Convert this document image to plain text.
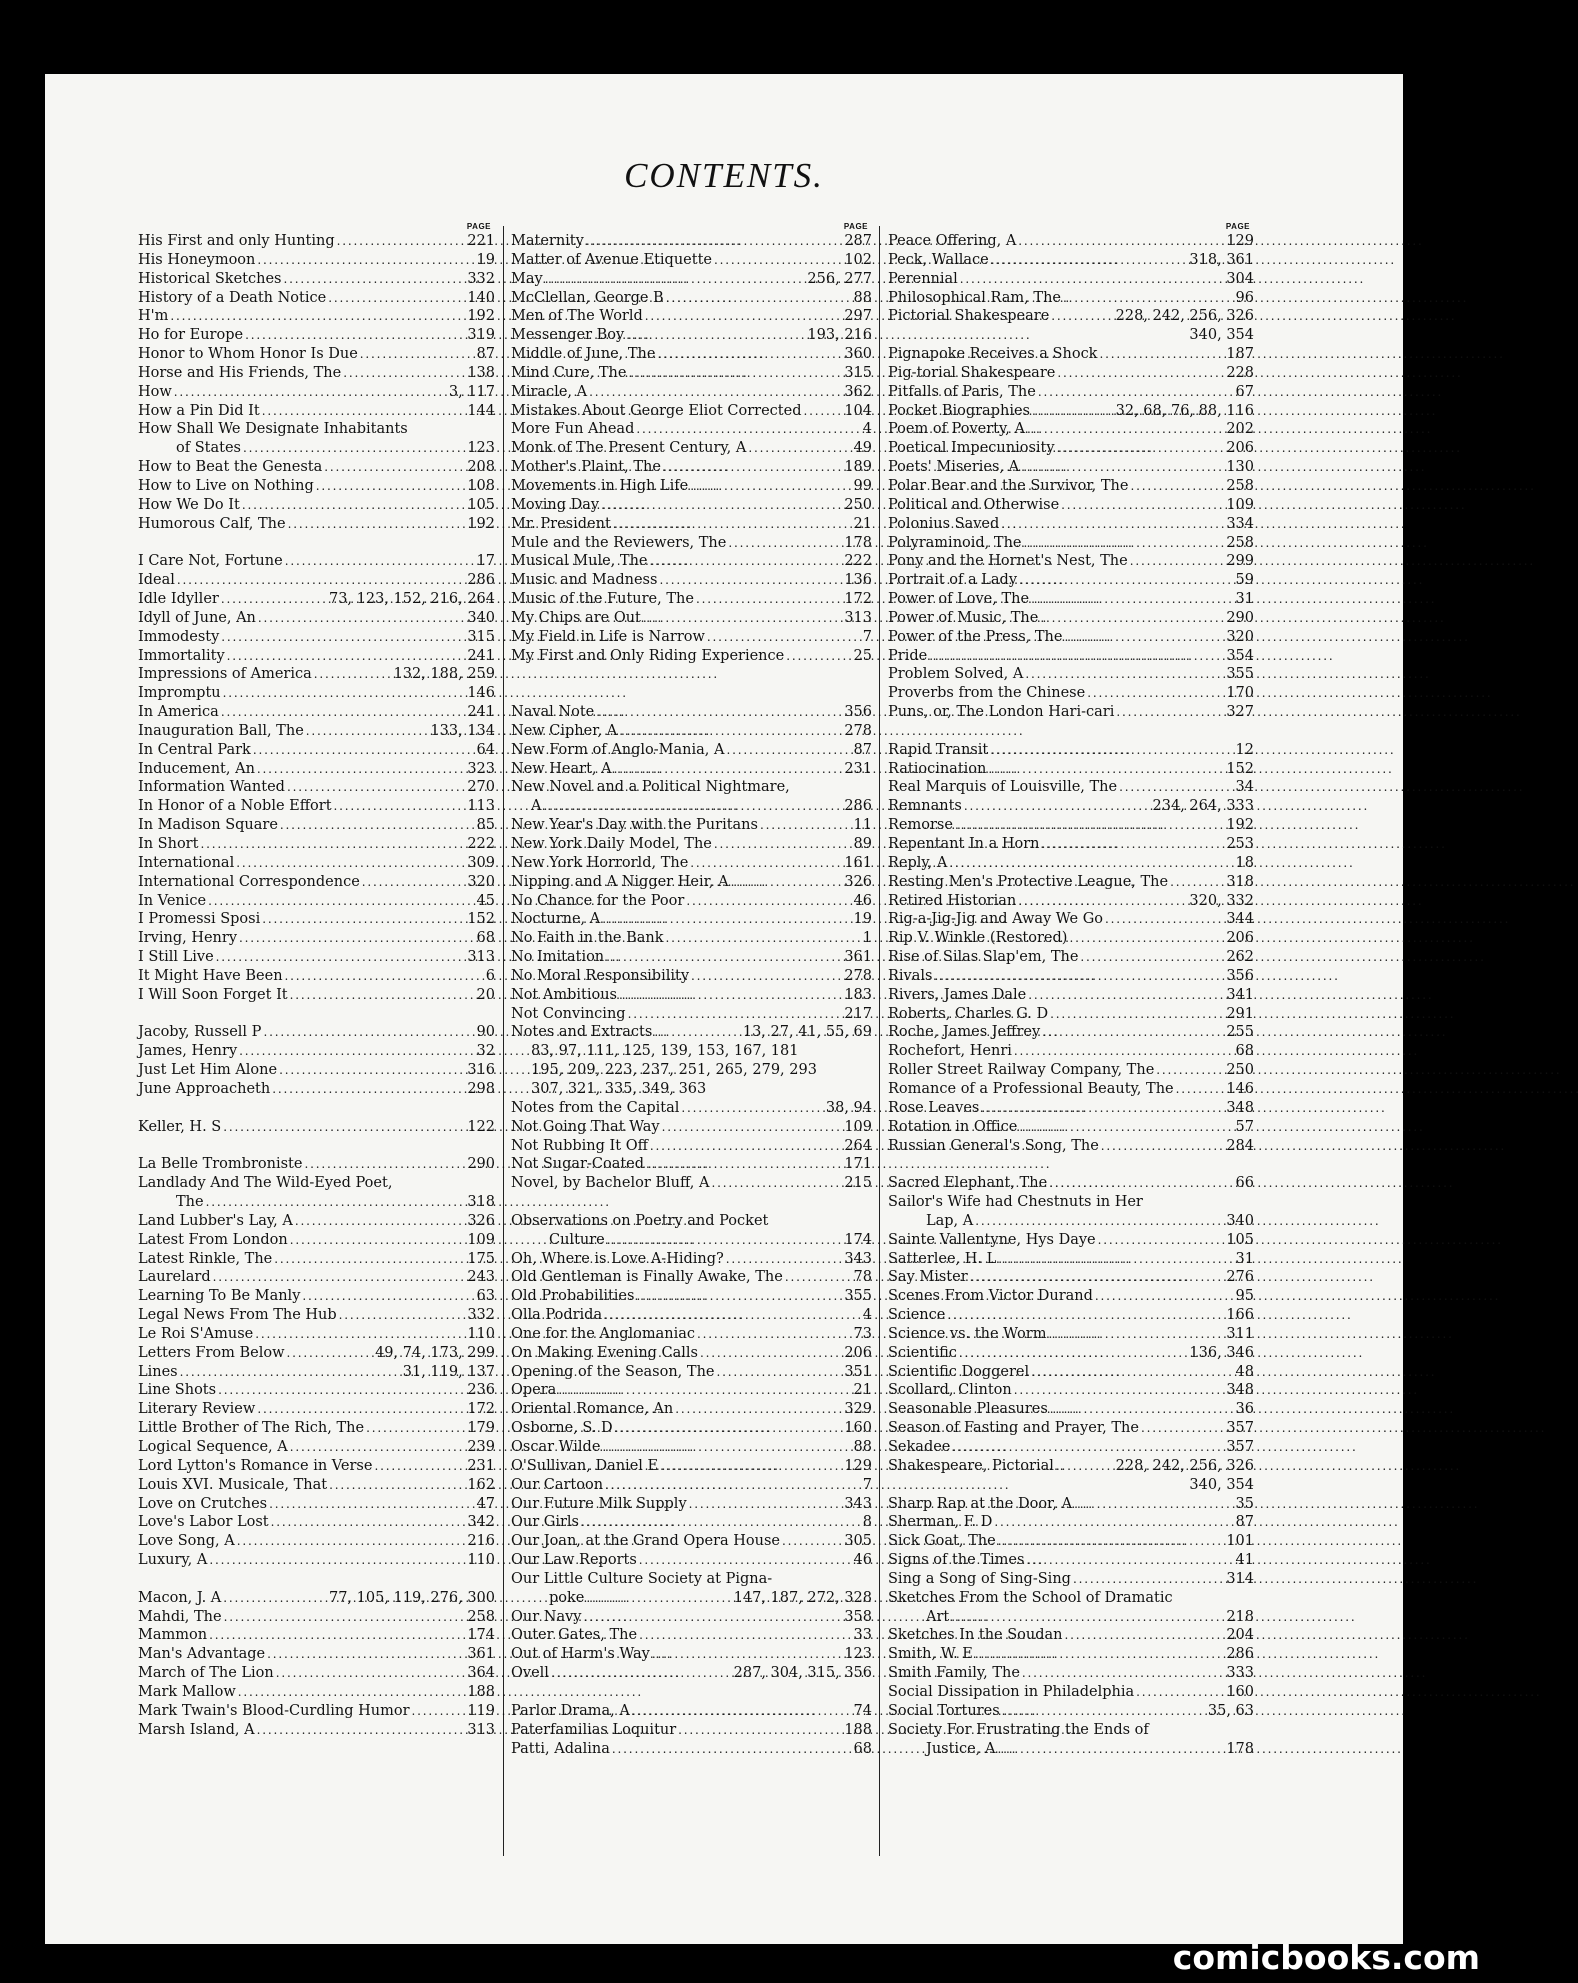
CONTENTS.
PAGE
His First and only Hunting . . .	221
His Honeymoon . . .	19
Historical Sketches . . .	332
History of a Death Notice . . .	140
H'm . . .	192
Ho for Europe . . .	319
Honor to Whom Honor Is Due . . .	87
Horse and His Friends, The . . .	138
How . . .	3, 117
How a Pin Did It . . .	144
How Shall We Designate Inhabitants
of States . . .	123
How to Beat the Genesta . . .	208
How to Live on Nothing . . .	108
How We Do It . . .	105
Humorous Calf, The . . .	192
I Care Not, Fortune . . .	17
Ideal . . .	286
Idle Idyller . . .	73, 123, 152, 216, 264
Idyll of June, An . . .	340
Immodesty . . .	315
Immortality . . .	241
Impressions of America . . .	132, 188, 259
Impromptu . . .	146
In America . . .	241
Inauguration Ball, The . . .	133, 134
In Central Park . . .	64
Inducement, An . . .	323
Information Wanted . . .	270
In Honor of a Noble Effort . . .	113
In Madison Square . . .	85
In Short . . .	222
International . . .	309
International Correspondence . . .	320
In Venice . . .	45
I Promessi Sposi . . .	152
Irving, Henry . . .	68
I Still Live . . .	313
It Might Have Been . . .	6
I Will Soon Forget It . . .	20
Jacoby, Russell P . . .	90
James, Henry . . .	32
Just Let Him Alone . . .	316
June Approacheth . . .	298
Keller, H. S . . .	122
La Belle Trombroniste . . .	290
Landlady And The Wild-Eyed Poet,
The . . .	318
Land Lubber's Lay, A . . .	326
Latest From London . . .	109
Latest Rinkle, The . . .	175
Laurelard . . .	243
Learning To Be Manly . . .	63
Legal News From The Hub . . .	332
Le Roi S'Amuse . . .	110
Letters From Below . . .	49, 74, 173, 299
Lines . . .	31, 119, 137
Line Shots . . .	236
Literary Review . . .	172
Little Brother of The Rich, The . . .	179
Logical Sequence, A . . .	239
Lord Lytton's Romance in Verse . . .	231
Louis XVI. Musicale, That . . .	162
Love on Crutches . . .	47
Love's Labor Lost . . .	342
Love Song, A . . .	216
Luxury, A . . .	110
Macon, J. A . . .	77, 105, 119, 276, 300
Mahdi, The . . .	258
Mammon . . .	174
Man's Advantage . . .	361
March of The Lion . . .	364
Mark Mallow . . .	188
Mark Twain's Blood-Curdling Humor . . .	119
Marsh Island, A . . .	313
PAGE
Maternity . . .	287
Matter of Avenue Etiquette . . .	102
May . . .	256, 277
McClellan, George B . . .	88
Men of The World . . .	297
Messenger Boy . . .	193, 216
Middle of June, The . . .	360
Mind Cure, The . . .	315
Miracle, A . . .	362
Mistakes About George Eliot Corrected . . .	104
More Fun Ahead . . .	4
Monk of The Present Century, A . . .	49
Mother's Plaint, The . . .	189
Movements in High Life . . .	99
Moving Day . . .	250
Mr. President . . .	21
Mule and the Reviewers, The . . .	178
Musical Mule, The . . .	222
Music and Madness . . .	136
Music of the Future, The . . .	172
My Chips are Out . . .	313
My Field in Life is Narrow . . .	7
My First and Only Riding Experience . . .	25
Naval Note . . .	356
New Cipher, A . . .	278
New Form of Anglo-Mania, A . . .	87
New Heart, A . . .	231
New Novel and a Political Nightmare,
A . . .	286
New Year's Day with the Puritans . . .	11
New York Daily Model, The . . .	89
New York Horrorld, The . . .	161
Nipping and A Nigger Heir, A . . .	326
No Chance for the Poor . . .	46
Nocturne, A . . .	19
No Faith in the Bank . . .	1
No Imitation . . .	361
No Moral Responsibility . . .	278
Not Ambitious . . .	183
Not Convincing . . .	217
Notes and Extracts . . .	13, 27, 41, 55, 69
83, 97, 111, 125, 139, 153, 167, 181
195, 209, 223, 237, 251, 265, 279, 293
307, 321, 335, 349, 363
Notes from the Capital . . .	38, 94
Not Going That Way . . .	109
Not Rubbing It Off . . .	264
Not Sugar-Coated . . .	171
Novel, by Bachelor Bluff, A . . .	215
Observations on Poetry and Pocket
Culture . . .	174
Oh, Where is Love A-Hiding? . . .	343
Old Gentleman is Finally Awake, The . . .	78
Old Probabilities . . .	355
Olla Podrida . . .	4
One for the Anglomaniac . . .	73
On Making Evening Calls . . .	206
Opening of the Season, The . . .	351
Opera . . .	21
Oriental Romance, An . . .	329
Osborne, S. D . . .	160
Oscar Wilde . . .	88
O'Sullivan, Daniel E . . .	129
Our Cartoon . . .	7
Our Future Milk Supply . . .	343
Our Girls . . .	8
Our Joan, at the Grand Opera House . . .	305
Our Law Reports . . .	46
Our Little Culture Society at Pigna-
poke . . .	147, 187, 272, 328
Our Navy . . .	358
Outer Gates, The . . .	33
Out of Harm's Way . . .	123
Ovell . . .	287, 304, 315, 356
Parlor Drama, A . . .	74
Paterfamilias Loquitur . . .	188
Patti, Adalina . . .	68
PAGE
Peace Offering, A . . .	129
Peck, Wallace . . .	318, 361
Perennial . . .	304
Philosophical Ram, The . . .	96
Pictorial Shakespeare . . .	228, 242, 256, 326
340, 354
Pignapoke Receives a Shock . . .	187
Pig-torial Shakespeare . . .	228
Pitfalls of Paris, The . . .	67
Pocket Biographies . . .	32, 68, 76, 88, 116
Poem of Poverty, A . . .	202
Poetical Impecuniosity . . .	206
Poets' Miseries, A . . .	130
Polar Bear and the Survivor, The . . .	258
Political and Otherwise . . .	109
Polonius Saved . . .	334
Polyraminoid, The . . .	258
Pony and the Hornet's Nest, The . . .	299
Portrait of a Lady . . .	59
Power of Love, The . . .	31
Power of Music, The . . .	290
Power of the Press, The . . .	320
Pride . . .	354
Problem Solved, A . . .	355
Proverbs from the Chinese . . .	170
Puns, or, The London Hari-cari . . .	327
Rapid Transit . . .	12
Ratiocination . . .	152
Real Marquis of Louisville, The . . .	34
Remnants . . .	234, 264, 333
Remorse . . .	192
Repentant In a Horn . . .	253
Reply, A . . .	18
Resting Men's Protective League, The . . .	318
Retired Historian . . .	320, 332
Rig-a-Jig-Jig and Away We Go . . .	344
Rip V. Winkle (Restored) . . .	206
Rise of Silas Slap'em, The . . .	262
Rivals . . .	356
Rivers, James Dale . . .	341
Roberts, Charles G. D . . .	291
Roche, James Jeffrey . . .	255
Rochefort, Henri . . .	68
Roller Street Railway Company, The . . .	250
Romance of a Professional Beauty, The . . .	146
Rose Leaves . . .	348
Rotation in Office . . .	57
Russian General's Song, The . . .	284
Sacred Elephant, The . . .	66
Sailor's Wife had Chestnuts in Her
Lap, A . . .	340
Sainte Vallentyne, Hys Daye . . .	105
Satterlee, H. L . . .	31
Say Mister . . .	276
Scenes From Victor Durand . . .	95
Science . . .	166
Science vs. the Worm . . .	311
Scientific . . .	136, 346
Scientific Doggerel . . .	48
Scollard, Clinton . . .	348
Seasonable Pleasures . . .	36
Season of Fasting and Prayer, The . . .	357
Sekadee . . .	357
Shakespeare, Pictorial . . .	228, 242, 256, 326
340, 354
Sharp Rap at the Door, A . . .	35
Sherman, F. D . . .	87
Sick Goat, The . . .	101
Signs of the Times . . .	41
Sing a Song of Sing-Sing . . .	314
Sketches From the School of Dramatic
Art . . .	218
Sketches In the Soudan . . .	204
Smith, W. E . . .	286
Smith Family, The . . .	333
Social Dissipation in Philadelphia . . .	160
Social Tortures . . .	35, 63
Society For Frustrating the Ends of
Justice, A . . .	178
comicbooks.com
